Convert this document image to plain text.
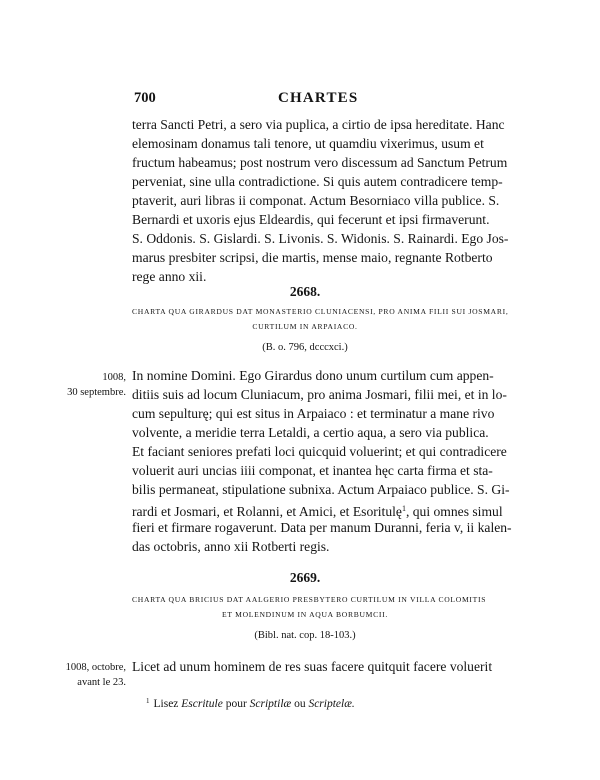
700	CHARTES
terra Sancti Petri, a sero via puplica, a cirtio de ipsa hereditate. Hanc
elemosinam donamus tali tenore, ut quamdiu vixerimus, usum et
fructum habeamus; post nostrum vero discessum ad Sanctum Petrum
perveniat, sine ulla contradictione. Si quis autem contradicere temp-
ptaverit, auri libras ii componat. Actum Besorniaco villa publice. S.
Bernardi et uxoris ejus Eldeardis, qui fecerunt et ipsi firmaverunt.
S. Oddonis. S. Gislardi. S. Livonis. S. Widonis. S. Rainardi. Ego Jos-
marus presbiter scripsi, die martis, mense maio, regnante Rotberto
rege anno xii.
2668.
CHARTA QUA GIRARDUS DAT MONASTERIO CLUNIACENSI, PRO ANIMA FILII SUI JOSMARI,
CURTILUM IN ARPAIACO.
(B. o. 796, dcccxci.)
1008,
30 septembre.
In nomine Domini. Ego Girardus dono unum curtilum cum appen-
ditiis suis ad locum Cluniacum, pro anima Josmari, filii mei, et in lo-
cum sepulturę; qui est situs in Arpaiaco : et terminatur a mane rivo
volvente, a meridie terra Letaldi, a certio aqua, a sero via publica.
Et faciant seniores prefati loci quicquid voluerint; et qui contradicere
voluerit auri uncias iiii componat, et inantea hęc carta firma et sta-
bilis permaneat, stipulatione subnixa. Actum Arpaiaco publice. S. Gi-
rardi et Josmari, et Rolanni, et Amici, et Esoritulę$^1$, qui omnes simul
fieri et firmare rogaverunt. Data per manum Duranni, feria v, ii kalen-
das octobris, anno xii Rotberti regis.
2669.
CHARTA QUA BRICIUS DAT AALGERIO PRESBYTERO CURTILUM IN VILLA COLOMITIS
ET MOLENDINUM IN AQUA BORBUMCII.
(Bibl. nat. cop. 18-103.)
1008, octobre,
avant le 23.
Licet ad unum hominem de res suas facere quitquit facere voluerit
$^1$ Lisez Escritule pour Scriptilæ ou Scriptelæ.
